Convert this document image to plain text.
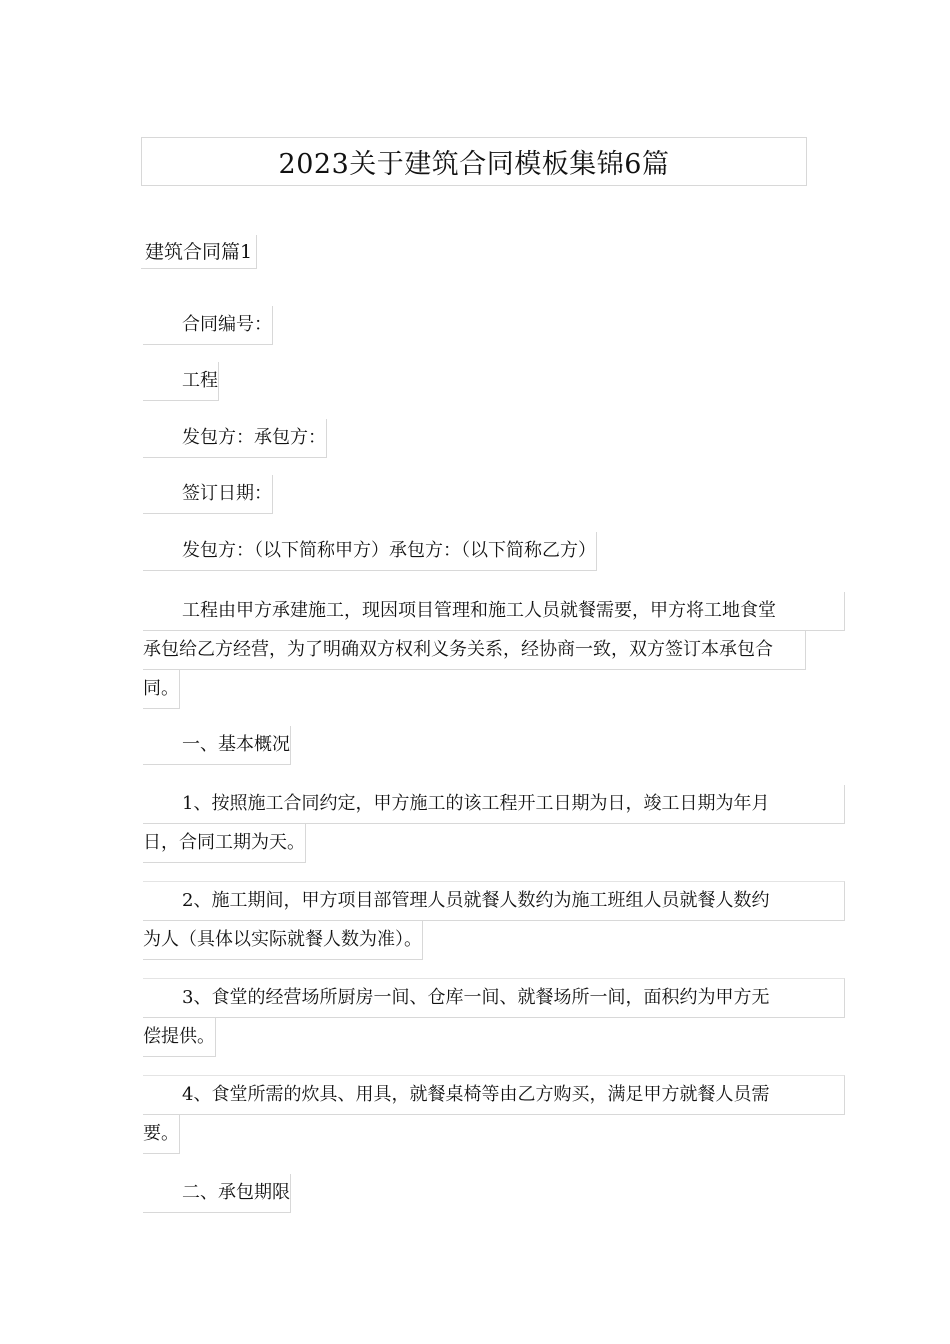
2023关于建筑合同模板集锦6篇
建筑合同篇1
合同编号：
工程
发包方：承包方：
签订日期：
发包方：（以下简称甲方）承包方：（以下简称乙方）
工程由甲方承建施工，现因项目管理和施工人员就餐需要，甲方将工地食堂
承包给乙方经营，为了明确双方权利义务关系，经协商一致，双方签订本承包合
同。
一、基本概况
1、按照施工合同约定，甲方施工的该工程开工日期为日，竣工日期为年月
日，合同工期为天。
2、施工期间，甲方项目部管理人员就餐人数约为施工班组人员就餐人数约
为人（具体以实际就餐人数为准）。
3、食堂的经营场所厨房一间、仓库一间、就餐场所一间，面积约为甲方无
偿提供。
4、食堂所需的炊具、用具，就餐桌椅等由乙方购买，满足甲方就餐人员需
要。
二、承包期限
